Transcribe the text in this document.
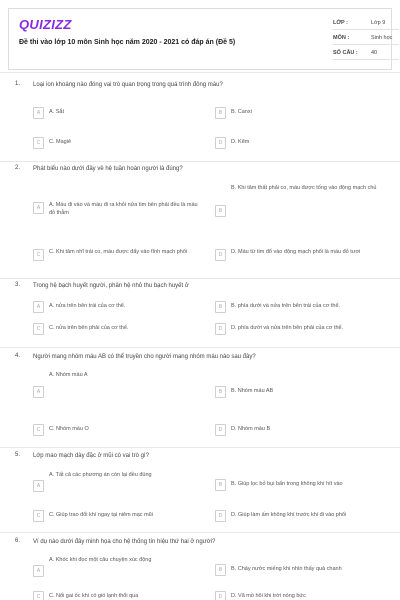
QUIZIZZ
Đề thi vào lớp 10 môn Sinh học năm 2020 - 2021 có đáp án (Đề 5)
LỚP :	Lớp 9
MÔN :	Sinh học
SỐ CÂU : 40
1. Loại ion khoáng nào đóng vai trò quan trọng trong quá trình đông máu?
A	A. Sắt	B	B. Canxi
C	C. Magiê	D	D. Kẽm
2. Phát biểu nào dưới đây về hệ tuần hoàn người là đúng?
B
B. Khi tâm thất phải co, máu được tống vào động mạch chủ
A	A. Máu đi vào và máu đi ra khỏi nửa tim bên phải đều là máu đỏ thẫm
C	C. Khi tâm nhĩ trái co, máu được đẩy vào tĩnh mạch phổi	D	D. Máu từ tim đổ vào động mạch phổi là máu đỏ tươi
3. Trong hệ bạch huyết người, phân hệ nhỏ thu bạch huyết ở
A	A. nửa trên bên trái của cơ thể.	B	B. phía dưới và nửa trên bên trái của cơ thể.
C	C. nửa trên bên phải của cơ thể.	D	D. phía dưới và nửa trên bên phải của cơ thể.
4. Người mang nhóm máu AB có thể truyền cho người mang nhóm máu nào sau đây?
A
A. Nhóm máu A
B	B. Nhóm máu AB
C	C. Nhóm máu O	D	D. Nhóm máu B
5. Lớp mao mạch dày đặc ở mũi có vai trò gì?
A
A. Tất cả các phương án còn lại đều đúng
B	B. Giúp lọc bỏ bụi bẩn trong không khí hít vào
C	C. Giúp trao đổi khí ngay tại niêm mạc mũi	D	D. Giúp làm ấm không khí trước khi đi vào phổi
6. Ví dụ nào dưới đây minh họa cho hệ thống tín hiệu thứ hai ở người?
A
A. Khóc khi đọc một câu chuyện xúc động
B	B. Chảy nước miếng khi nhìn thấy quả chanh
C	C. Nổi gai ốc khi có gió lạnh thổi qua	D	D. Vã mồ hôi khi trời nóng bức
